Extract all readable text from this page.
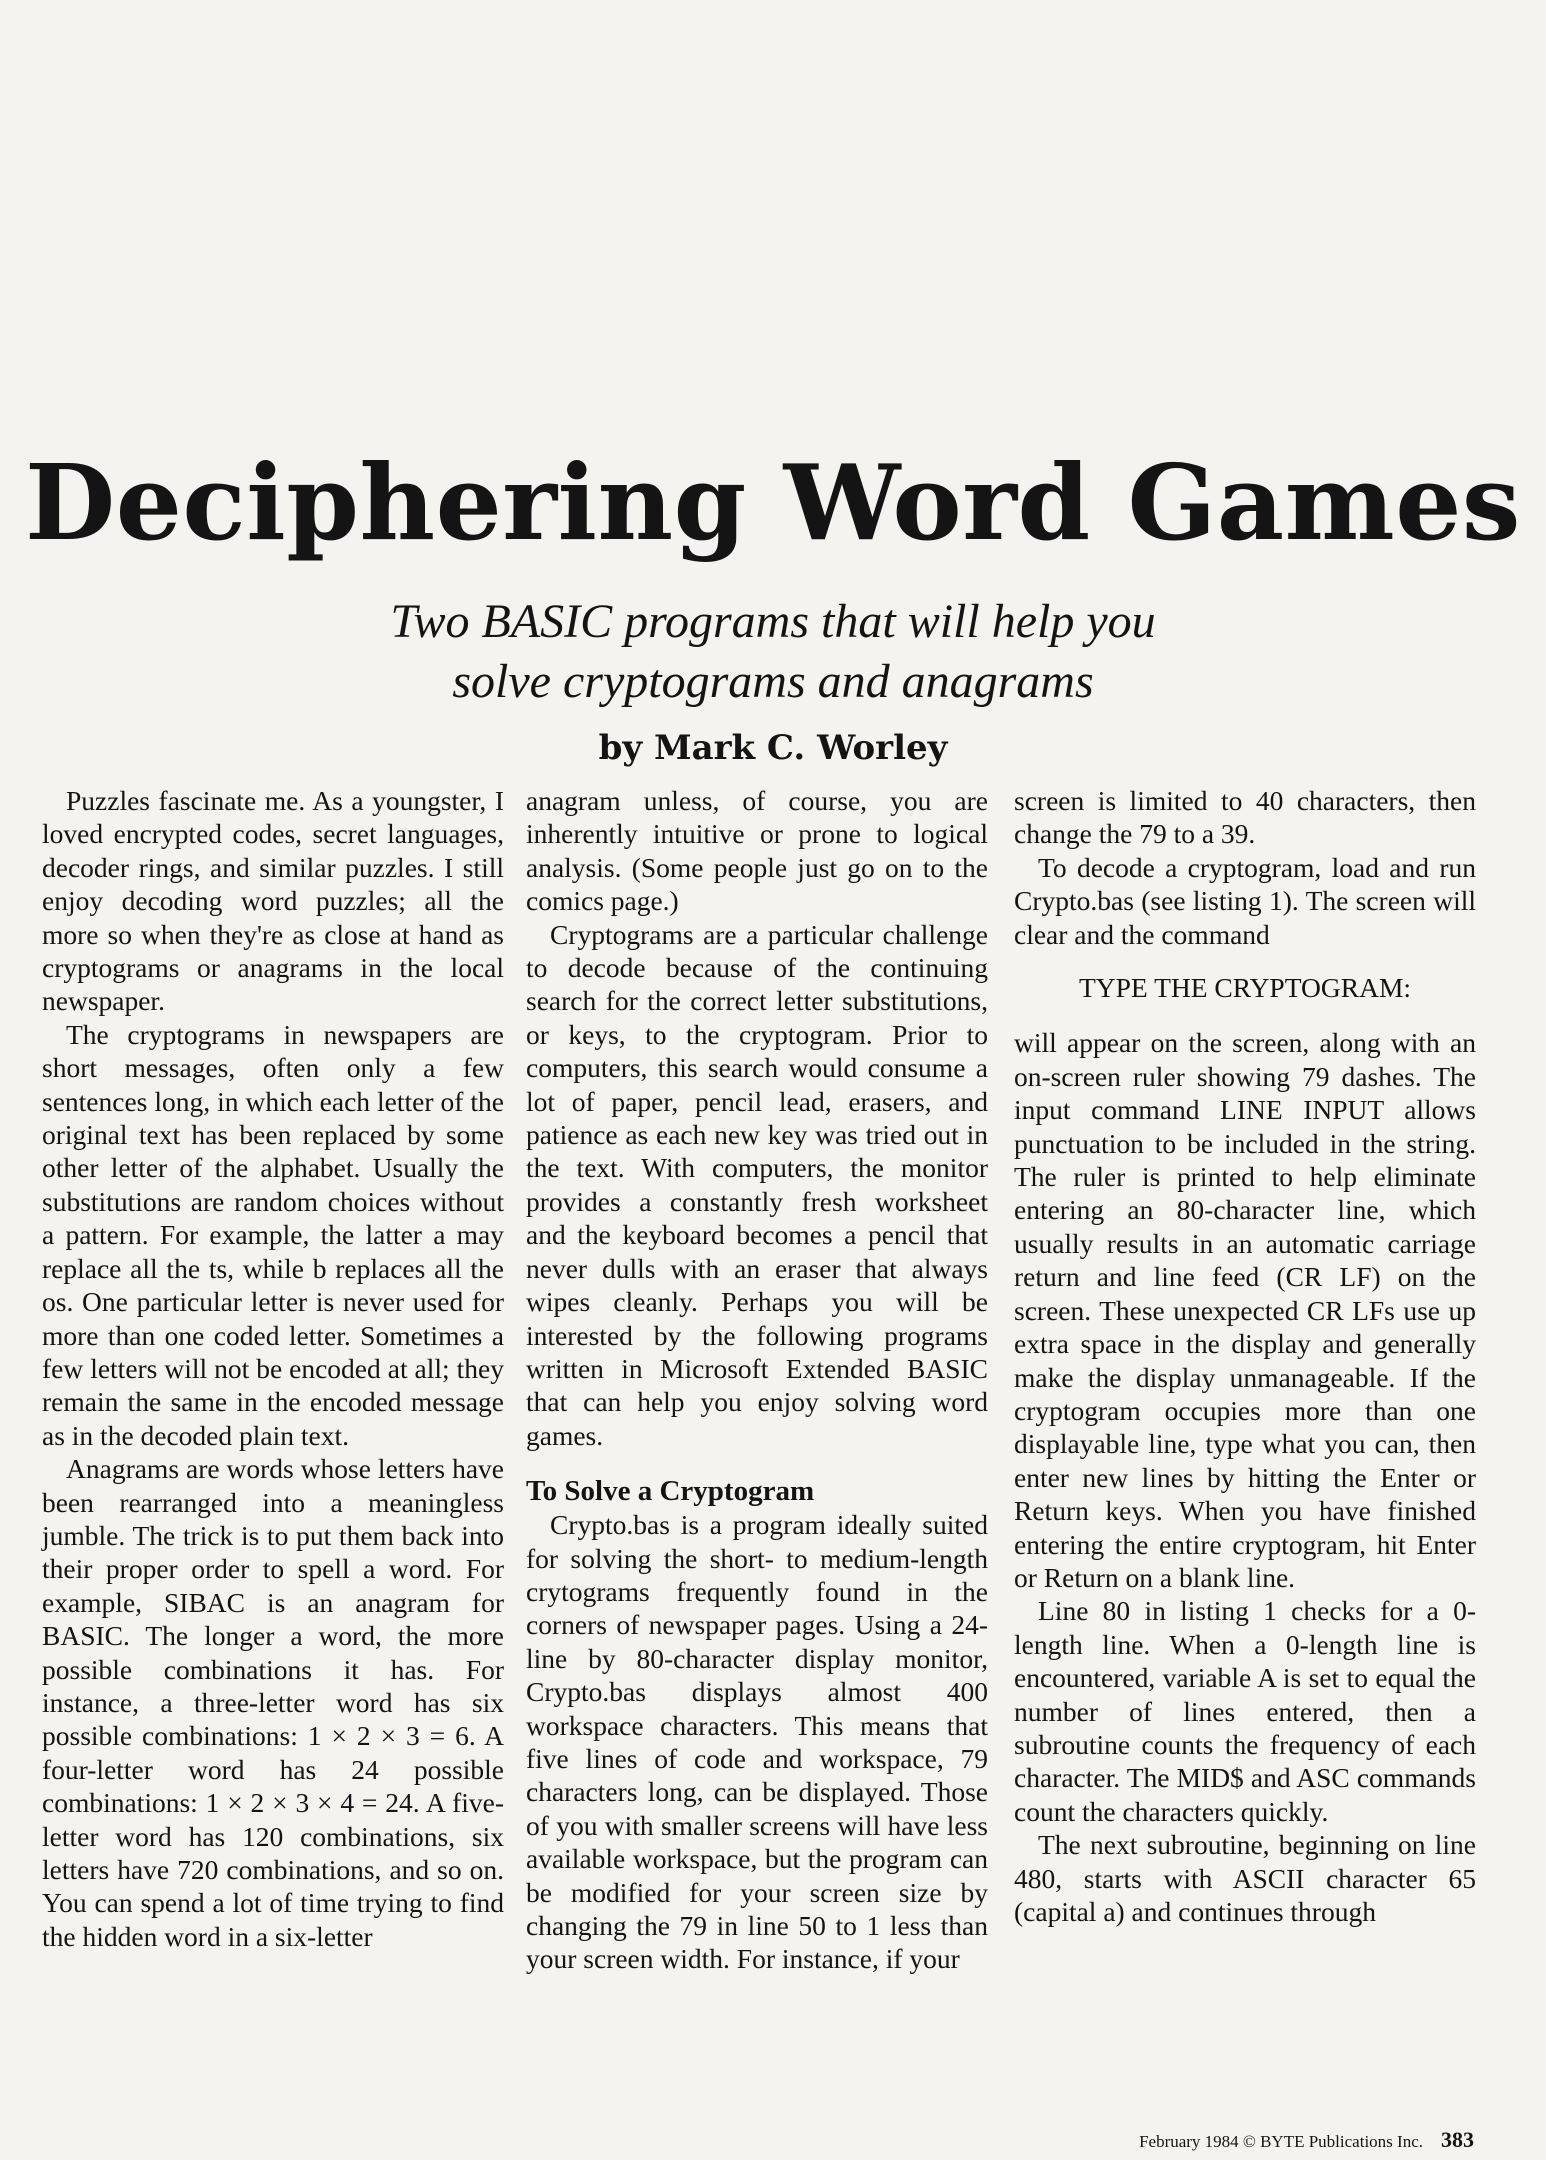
Deciphering Word Games
Two BASIC programs that will help you
solve cryptograms and anagrams
by Mark C. Worley

Puzzles fascinate me. As a youngster, I loved encrypted codes, secret languages, decoder rings, and similar puzzles. I still enjoy decoding word puzzles; all the more so when they're as close at hand as cryptograms or anagrams in the local newspaper.

The cryptograms in newspapers are short messages, often only a few sentences long, in which each letter of the original text has been replaced by some other letter of the alphabet. Usually the substitutions are random choices without a pattern. For example, the latter a may replace all the ts, while b replaces all the os. One particular letter is never used for more than one coded letter. Sometimes a few letters will not be encoded at all; they remain the same in the encoded message as in the decoded plain text.

Anagrams are words whose letters have been rearranged into a meaningless jumble. The trick is to put them back into their proper order to spell a word. For example, SIBAC is an anagram for BASIC. The longer a word, the more possible combinations it has. For instance, a three-letter word has six possible combinations: 1 × 2 × 3 = 6. A four-letter word has 24 possible combinations: 1 × 2 × 3 × 4 = 24. A five-letter word has 120 combinations, six letters have 720 combinations, and so on. You can spend a lot of time trying to find the hidden word in a six-letter

anagram unless, of course, you are inherently intuitive or prone to logical analysis. (Some people just go on to the comics page.)

Cryptograms are a particular challenge to decode because of the continuing search for the correct letter substitutions, or keys, to the cryptogram. Prior to computers, this search would consume a lot of paper, pencil lead, erasers, and patience as each new key was tried out in the text. With computers, the monitor provides a constantly fresh worksheet and the keyboard becomes a pencil that never dulls with an eraser that always wipes cleanly. Perhaps you will be interested by the following programs written in Microsoft Extended BASIC that can help you enjoy solving word games.

To Solve a Cryptogram

Crypto.bas is a program ideally suited for solving the short- to medium-length crytograms frequently found in the corners of newspaper pages. Using a 24-line by 80-character display monitor, Crypto.bas displays almost 400 workspace characters. This means that five lines of code and workspace, 79 characters long, can be displayed. Those of you with smaller screens will have less available workspace, but the program can be modified for your screen size by changing the 79 in line 50 to 1 less than your screen width. For instance, if your

screen is limited to 40 characters, then change the 79 to a 39.

To decode a cryptogram, load and run Crypto.bas (see listing 1). The screen will clear and the command

TYPE THE CRYPTOGRAM:

will appear on the screen, along with an on-screen ruler showing 79 dashes. The input command LINE INPUT allows punctuation to be included in the string. The ruler is printed to help eliminate entering an 80-character line, which usually results in an automatic carriage return and line feed (CR LF) on the screen. These unexpected CR LFs use up extra space in the display and generally make the display unmanageable. If the cryptogram occupies more than one displayable line, type what you can, then enter new lines by hitting the Enter or Return keys. When you have finished entering the entire cryptogram, hit Enter or Return on a blank line.

Line 80 in listing 1 checks for a 0-length line. When a 0-length line is encountered, variable A is set to equal the number of lines entered, then a subroutine counts the frequency of each character. The MID$ and ASC commands count the characters quickly.

The next subroutine, beginning on line 480, starts with ASCII character 65 (capital a) and continues through

February 1984 © BYTE Publications Inc. 383
